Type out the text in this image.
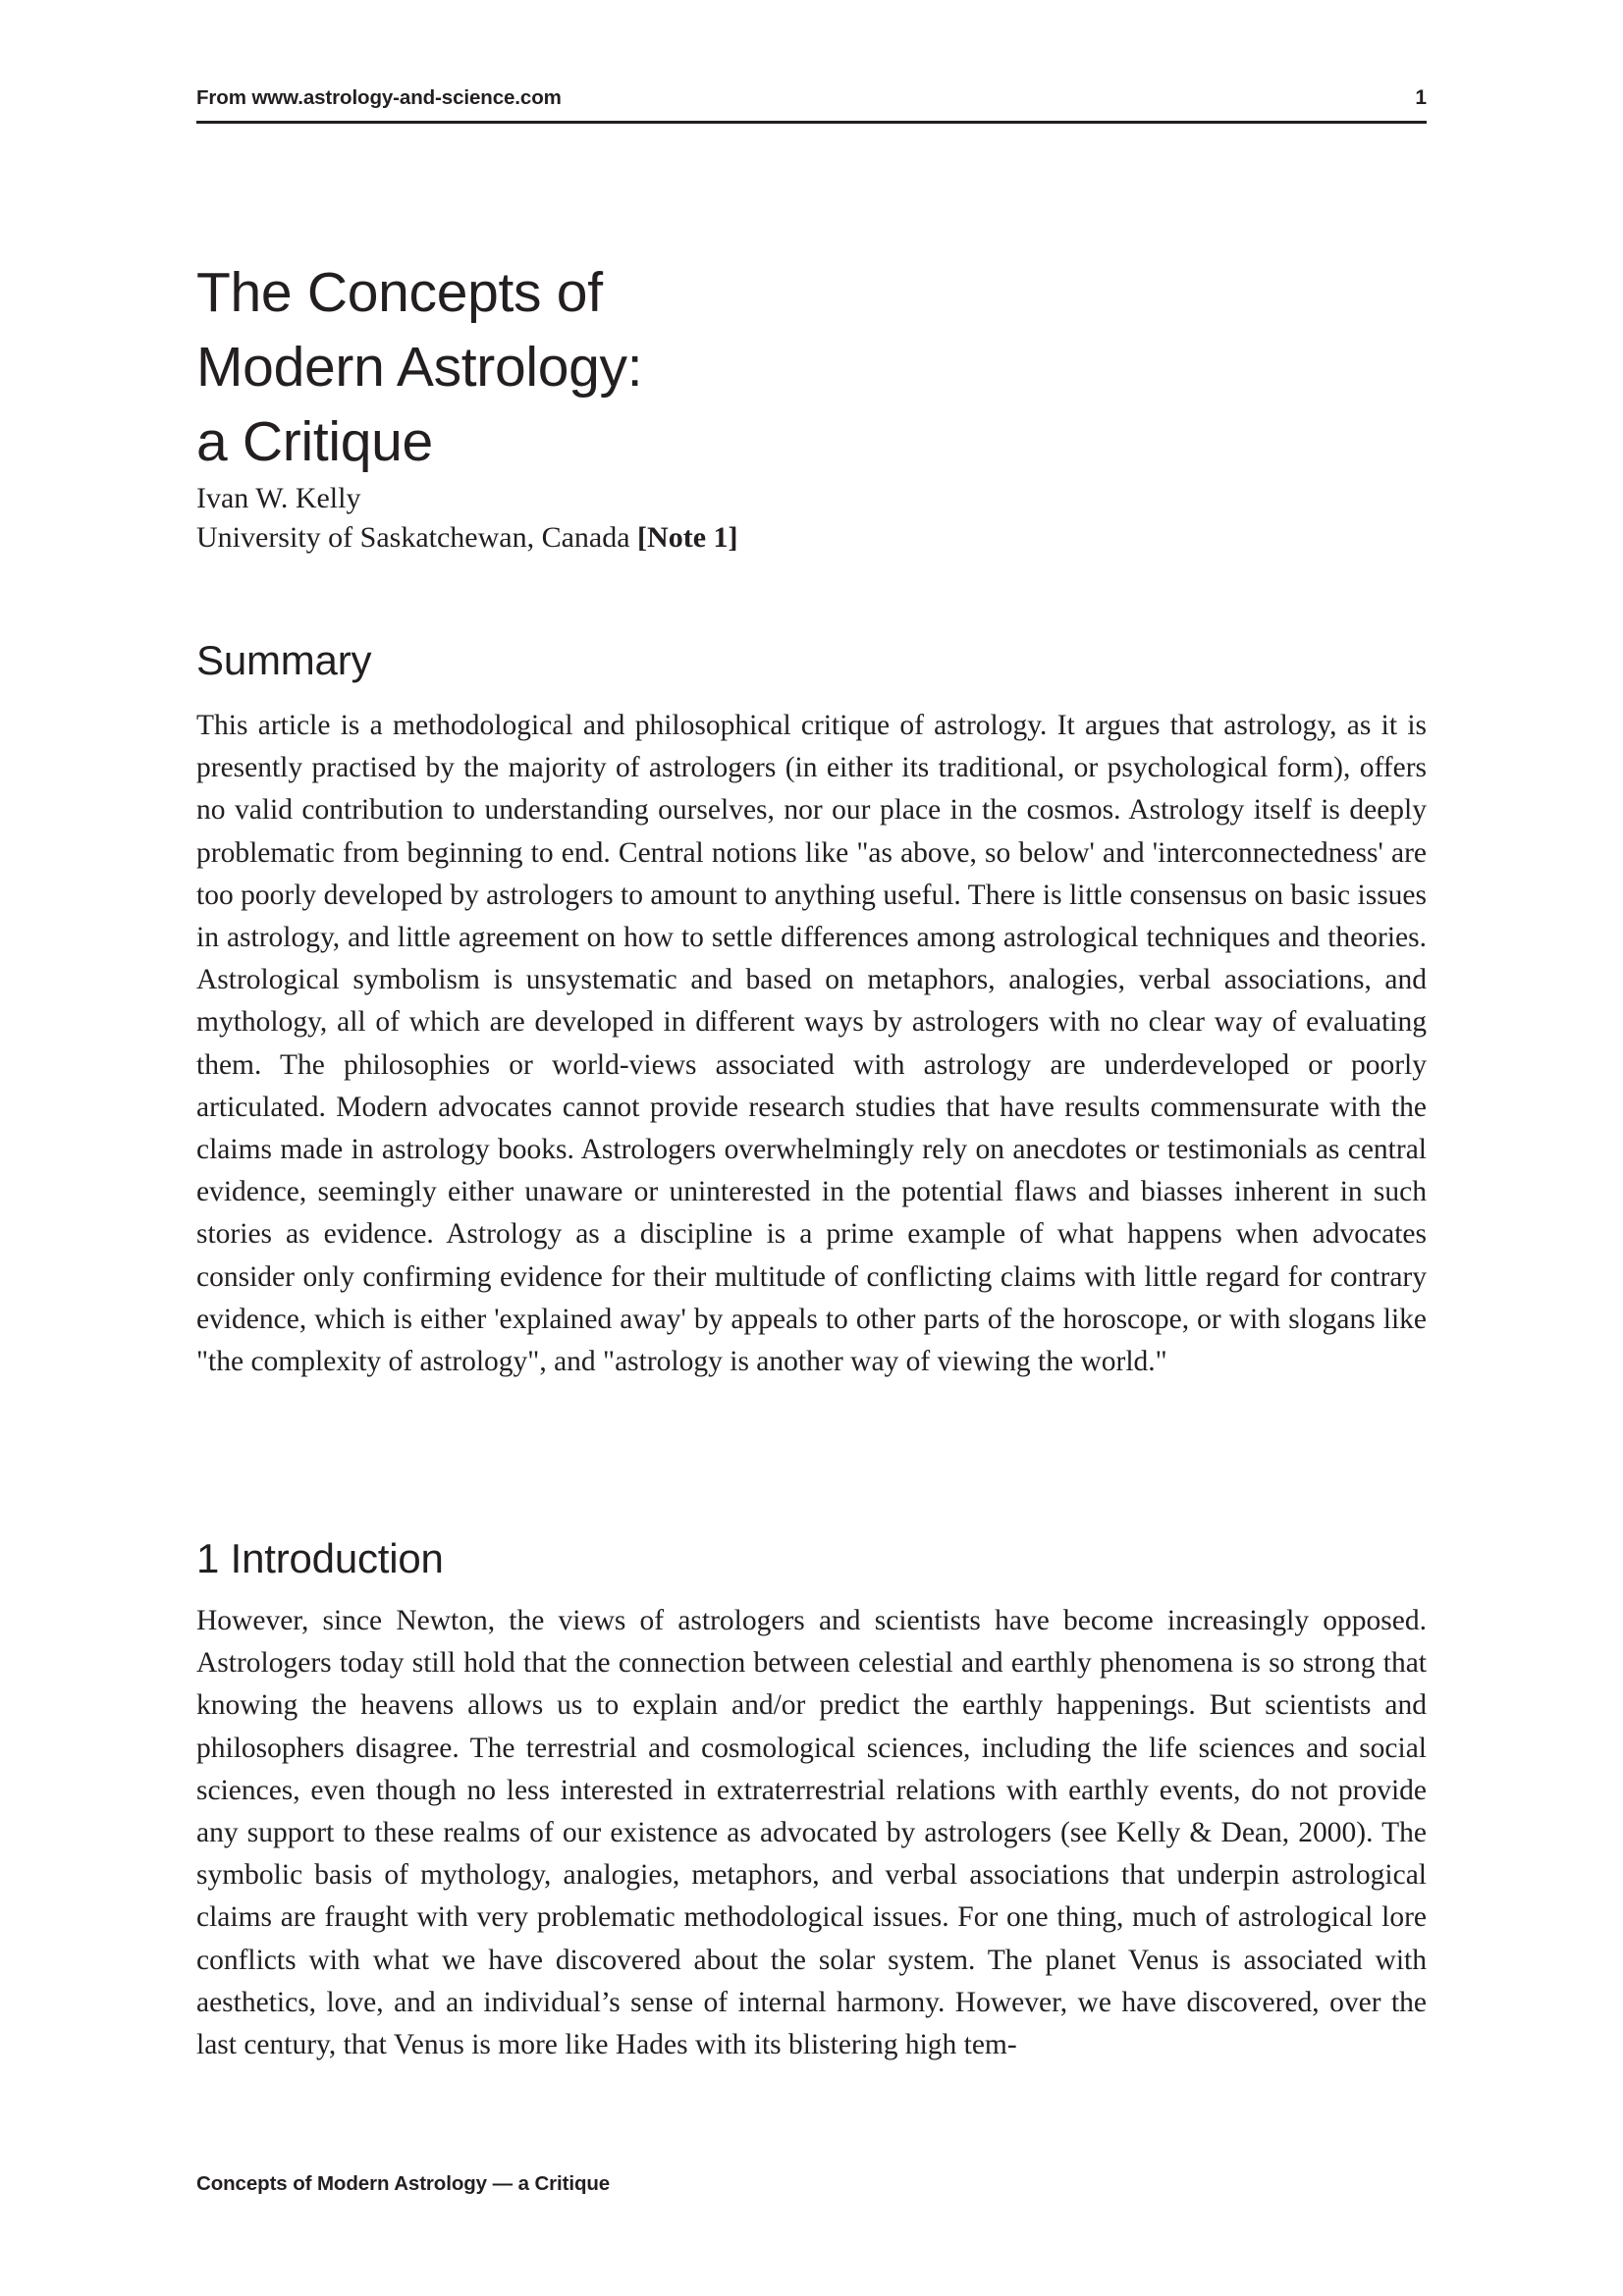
From www.astrology-and-science.com	1
The Concepts of
Modern Astrology:
a Critique
Ivan W. Kelly
University of Saskatchewan, Canada [Note 1]
Summary

This article is a methodological and philosophical critique of astrology. It argues that astrology, as it is presently practised by the majority of astrologers (in either its traditional, or psychological form), offers no valid contribution to understanding ourselves, nor our place in the cosmos. Astrology itself is deeply problematic from beginning to end. Central notions like "as above, so below' and 'interconnectedness' are too poorly developed by astrologers to amount to anything useful. There is little consensus on basic issues in astrology, and little agreement on how to settle differences among astrological techniques and theories. Astrological symbolism is unsystematic and based on metaphors, analogies, verbal associations, and mythology, all of which are developed in different ways by astrologers with no clear way of evaluating them. The philosophies or world-views associated with astrology are underdeveloped or poorly articulated. Modern advocates cannot provide research studies that have results commensurate with the claims made in astrology books. Astrologers overwhelmingly rely on anecdotes or testimonials as central evidence, seemingly either unaware or uninterested in the potential flaws and biasses inherent in such stories as evidence. Astrology as a discipline is a prime example of what happens when advocates consider only confirming evidence for their multitude of conflicting claims with little regard for contrary evidence, which is either 'explained away' by appeals to other parts of the horoscope, or with slogans like "the complexity of astrology", and "astrology is another way of viewing the world."

1 Introduction

However, since Newton, the views of astrologers and scientists have become increasingly opposed. Astrologers today still hold that the connection between celestial and earthly phenomena is so strong that knowing the heavens allows us to explain and/or predict the earthly happenings. But scientists and philosophers disagree. The terrestrial and cosmological sciences, including the life sciences and social sciences, even though no less interested in extraterrestrial relations with earthly events, do not provide any support to these realms of our existence as advocated by astrologers (see Kelly & Dean, 2000). The symbolic basis of mythology, analogies, metaphors, and verbal associations that underpin astrological claims are fraught with very problematic methodological issues. For one thing, much of astrological lore conflicts with what we have discovered about the solar system. The planet Venus is associated with aesthetics, love, and an individual’s sense of internal harmony. However, we have discovered, over the last century, that Venus is more like Hades with its blistering high tem-

Concepts of Modern Astrology — a Critique
